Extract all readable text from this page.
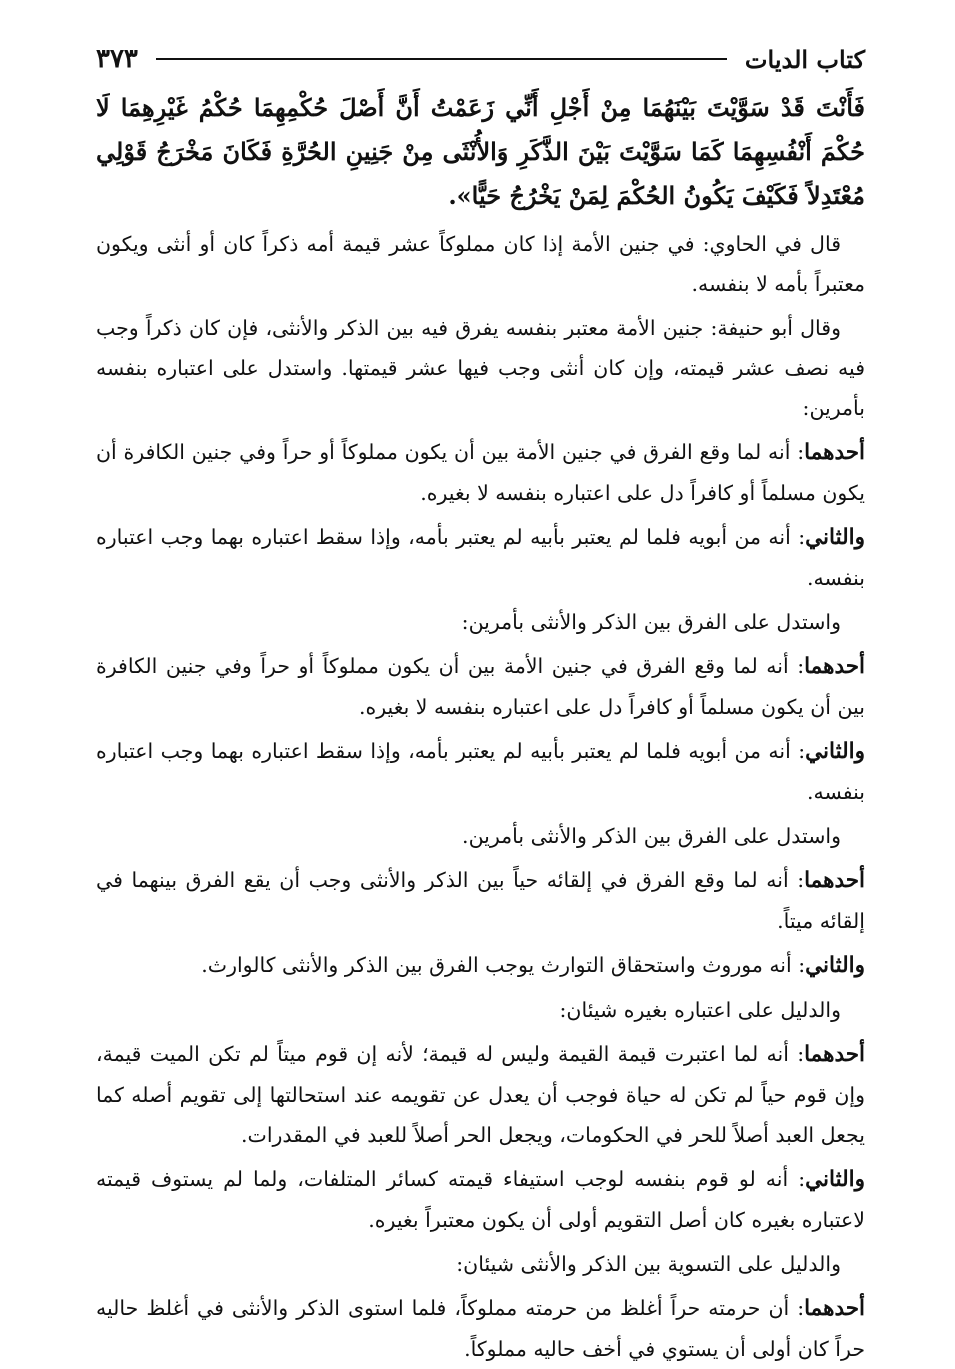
كتاب الديات
٣٧٣

فَأَنْتَ قَدْ سَوَّيْتَ بَيْنَهُمَا مِنْ أَجْلِ أَنِّي زَعَمْتُ أَنَّ أَصْلَ حُكْمِهِمَا حُكْمُ غَيْرِهِمَا لَا حُكْمَ أَنْفُسِهِمَا كَمَا سَوَّيْتَ بَيْنَ الذَّكَرِ وَالأُنْثَى مِنْ جَنِينِ الحُرَّةِ فَكَانَ مَخْرَجُ قَوْلِي مُعْتَدِلاً فَكَيْفَ يَكُونُ الحُكْمَ لِمَنْ يَخْرُجُ حَيًّا».

قال في الحاوي: في جنين الأمة إذا كان مملوكاً عشر قيمة أمه ذكراً كان أو أنثى ويكون معتبراً بأمه لا بنفسه.

وقال أبو حنيفة: جنين الأمة معتبر بنفسه يفرق فيه بين الذكر والأنثى، فإن كان ذكراً وجب فيه نصف عشر قيمته، وإن كان أنثى وجب فيها عشر قيمتها. واستدل على اعتباره بنفسه بأمرين:

أحدهما: أنه لما وقع الفرق في جنين الأمة بين أن يكون مملوكاً أو حراً وفي جنين الكافرة أن يكون مسلماً أو كافراً دل على اعتباره بنفسه لا بغيره.

والثاني: أنه من أبويه فلما لم يعتبر بأبيه لم يعتبر بأمه، وإذا سقط اعتباره بهما وجب اعتباره بنفسه.

واستدل على الفرق بين الذكر والأنثى بأمرين:

أحدهما: أنه لما وقع الفرق في جنين الأمة بين أن يكون مملوكاً أو حراً وفي جنين الكافرة بين أن يكون مسلماً أو كافراً دل على اعتباره بنفسه لا بغيره.

والثاني: أنه من أبويه فلما لم يعتبر بأبيه لم يعتبر بأمه، وإذا سقط اعتباره بهما وجب اعتباره بنفسه.

واستدل على الفرق بين الذكر والأنثى بأمرين.

أحدهما: أنه لما وقع الفرق في إلقائه حياً بين الذكر والأنثى وجب أن يقع الفرق بينهما في إلقائه ميتاً.

والثاني: أنه موروث واستحقاق التوارث يوجب الفرق بين الذكر والأنثى كالوارث.

والدليل على اعتباره بغيره شيئان:

أحدهما: أنه لما اعتبرت قيمة القيمة وليس له قيمة؛ لأنه إن قوم ميتاً لم تكن الميت قيمة، وإن قوم حياً لم تكن له حياة فوجب أن يعدل عن تقويمه عند استحالتها إلى تقويم أصله كما يجعل العبد أصلاً للحر في الحكومات، ويجعل الحر أصلاً للعبد في المقدرات.

والثاني: أنه لو قوم بنفسه لوجب استيفاء قيمته كسائر المتلفات، ولما لم يستوف قيمته لاعتباره بغيره كان أصل التقويم أولى أن يكون معتبراً بغيره.

والدليل على التسوية بين الذكر والأنثى شيئان:

أحدهما: أن حرمته حراً أغلظ من حرمته مملوكاً، فلما استوى الذكر والأنثى في أغلظ حاليه حراً كان أولى أن يستوي في أخف حاليه مملوكاً.
